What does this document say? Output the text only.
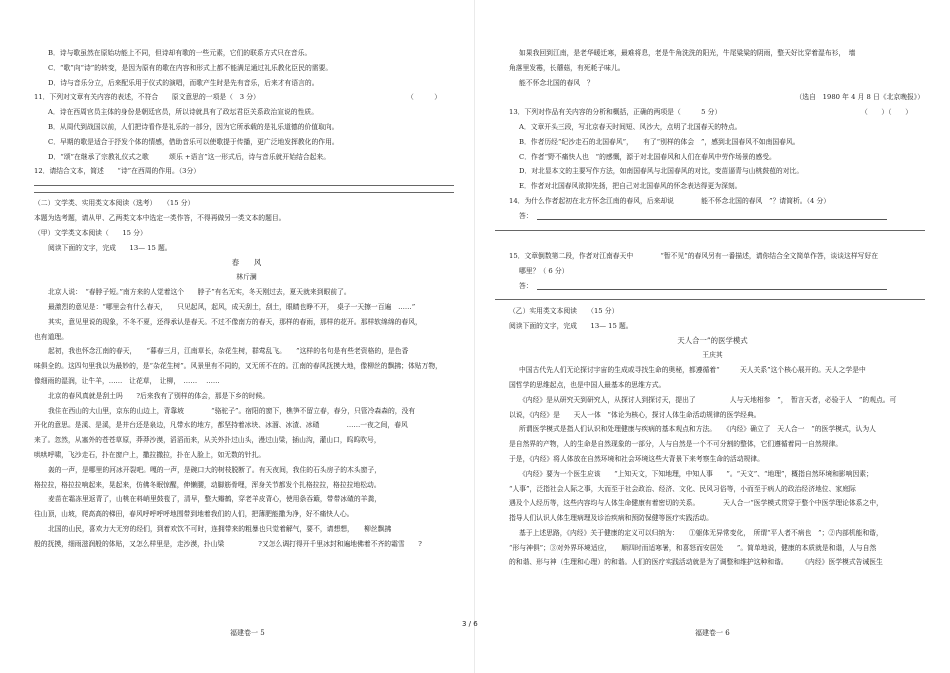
B．诗与歌虽然在原始功能上不同，但诗却有歌的一些元素，它们的联系方式只在音乐。
C．“歌”向“诗”的转变，是因为原有的歌在内容和形式上都不能满足通过礼乐教化臣民的需要。
D．诗与音乐分立，后来配乐用于仪式的演唱，而歌产生时是先有音乐，后来才有语言的。
11．下列对文章有关内容的表述，不符合　　原文意思的一项是（　3 分）	（　　　）
A．诗在西周官员主体的身份是朝廷官员，所以诗就具有了政坛君臣关系政治宣说的性质。
B．从周代到战国以前，人们把诗看作是礼乐的一部分，因为它所承载的是礼乐道德的价值取向。
C．早期的歌是适合于抒发个体的情感，借助音乐可以使歌提于传播，更广泛地发挥教化的作用。
D．“颂”在继承了宗教礼仪式之歌　　　颂乐 +语言”这一形式后，诗与音乐就开始结合起来。
12．请结合文本，简述　　“诗”在西周的作用。（3分）
（二）文学类、实用类文本阅读（选考）　　（15 分）
本题为选考题，请从甲、乙两类文本中选定一类作答，不得再做另一类文本的题目。
（甲）文学类文本阅读（　　15 分）
阅读下面的文字，完成　　13— 15 题。
春　　风
林斤澜
北京人说：　“春脖子短。”南方来的人觉着这个　　脖子”有名无实，冬天刚过去，夏天就来到眼前了。
最激烈的意见是：“哪里会有什么春天，　　只见起风，起风，成天刮土，刮土，眼睛也睁不开，　桌子一天擦一百遍　……”
其实，意见里说的现象，不冬不夏，还得承认是春天。不过不像南方的春天，那样的春雨，那样的花开。那样软绵绵的春风，
也有道理。
起初，我也怀念江南的春天，　　“暮春三月，江南草长，杂花生树，群莺乱飞。　　”这样的名句是有些老资格的，是色香
味俱全的。这四句里我以为最妙的，是“杂花生树”。风景里有不同的，又无所不在的。江南的春风抚摸大地，像柳丝的飘拂；体贴万物，
像细雨的湿润，让牛羊，……　让花草，　让柳，　…… 　……
北京的春风真就是刮土吗　　?后来我有了别样的体会，那是下乡的时候。
我住在西山的大山里，京东的山边上，背靠坡　　　　“骆驼子”。宿阳的窗下，樵笋不留立春，春分，只管冷森森的，没有
开化的意思。是溪、是溪，是井台还是泉边，凡带水的地方，都坚持着冰块、冰溜、冰渣、冰碴　　　　……一夜之间，春风
来了。忽然，从塞外的苍苍草原，莽莽沙漠，滔滔而来，从关外扑过山头，漫过山梁，插山沟，灌山口，呜呜吹号，
哄哄呼啸，飞沙走石，扑在窗户上，撒拉撒拉，扑在人脸上，如无数的针扎。
轰的一声，是哪里的河冰开裂吧。嘎的一声，是碗口大的树枝脱断了。有天夜间，我住的石头房子的木头窗子，
格拉拉，格拉拉响起来，晃起来，仿佛冬眠惊醒，伸懒腰，动脚筋骨哩，浑身关节都发个扎格拉拉，格拉拉地松动。
麦苗在霜冻里返青了，山桃在料峭里鼓苞了，清早，整大瓣鹤，穿老羊皮背心，使用条吞簸，带带冰碴的羊粪，
往山顶，山坡，爬高高的梯田，春风呼呼呼呼地围带到地着我们的人们，把薄肥能撒为净，好不痛快人心。
北国的山民，喜欢力大无穷的经们，到着欢饮不可时，连拥带来的粗暴也只觉着解气，要不，请想想，　　柳丝飘拂
般的抚摸，细雨滋润般的体贴，又怎么样里是，走沙漠，扑山梁　　　　　?又怎么调打得开千里冰封和遍地佛着不齐的霜雪　　?
福建卷一 5
如果我回到江南，是老华暖迁寒，最难将息，老是牛角洗洗的阳光，牛尾粱粱的阴雨，整天好比穿着湿布衫，　墙
角落里发霉，长蘑菇，有死耗子味儿。
能不怀念北国的春风　？
（选自　1980 年 4 月 8 日《北京晚报》）
13．下列对作品有关内容的分析和概括，正确的两项是（　　　5 分）	（　　）（　　）
A．文章开头三段，写北京春天时间短、风沙大，点明了北国春天的特点。
B．作者历经“纪沙走石的北国春风”，　　有了“别样的体会　”，感到北国春风不如南国春风。
C．作者“野不痛快人也　”的感慨，源于对北国春风和人们在春风中劳作场景的感受。
D．对北显本文的主要写作方法，如南国春风与北国春风的对比，变苗逼青与山桃鼓苞的对比。
E．作者对北国春风欲抑先扬，把自己对北国春风的怀念表达得更为深刻。
14．为什么作者起初在北方怀念江南的春风，后来却说　　　　能不怀念北国的春风　”？请简析。（4 分）
答：
15．文章倒数第二段，作者对江南春天中　　　　“暂不见”的春风另有一番描述，请你结合全文简单作答，谈谈这样写好在
哪里？（ 6 分）
答：
（乙）实用类文本阅读　　（15 分）
阅读下面的文字，完成　　13— 15 题。
天人合一”的医学模式
王庆其
中国古代先人们无论探讨宇宙的生成或寻找生命的奥秘，都遵循着“　　　天人关系”这个核心展开的。天人之学是中
国哲学的思维起点，也是中国人最基本的思维方式。
《内经》是从研究天到研究人，从探讨人到探讨天，提出了　　　　　人与天地相参　”，　暂言天者，必验于人　”的观点。可
以说，《内经》是　　天人一体　”体论为核心，探讨人体生命活动规律的医学经典。
所谓医学模式是指人们认识和处理健康与疾病的基本观点和方法。　　《内经》确立了　天人合一　”的医学模式，认为人
是自然界的产物，人的生命是自然现象的一部分，人与自然是一个不可分割的整体，它们遵循着同一自然规律。
于是，《内经》将人体放在自然环境和社会环境这些大背景下来考察生命的活动规律。
《内经》要为一个医生应该　　“上知天文，下知地理，中知人事　　”。“天文”、“地理”，概指自然环境和影响因素；
“人事”，泛指社会人际之事，大而至于社会政治、经济、文化、民风习俗等，小而至于病人的政治经济地位、家庭际
遇及个人经历等，这些内容均与人体生命健康有着密切的关系。　　　　天人合一“医学模式贯穿于整个中医学理论体系之中，
指导人们认识人体生理病理及诊治疾病和预防保健等医疗实践活动。
基于上述思路，《内经》关于健康的定义可以归纳为：　　①躯体无异常变化，　所谓“平人者不病也　”；②内部机能和谐，
“形与神俱”；③对外界环境适应，　　顺四时而适寒暑，和喜怒而安居处　　”。简单地说，健康的本质就是和谐，人与自然
的和谐、形与神（生理和心理）的和谐。人们的医疗实践活动就是为了调整和维护这种和谐。　　　《内经》医学模式告诫医生
福建卷一 6
3 / 6
